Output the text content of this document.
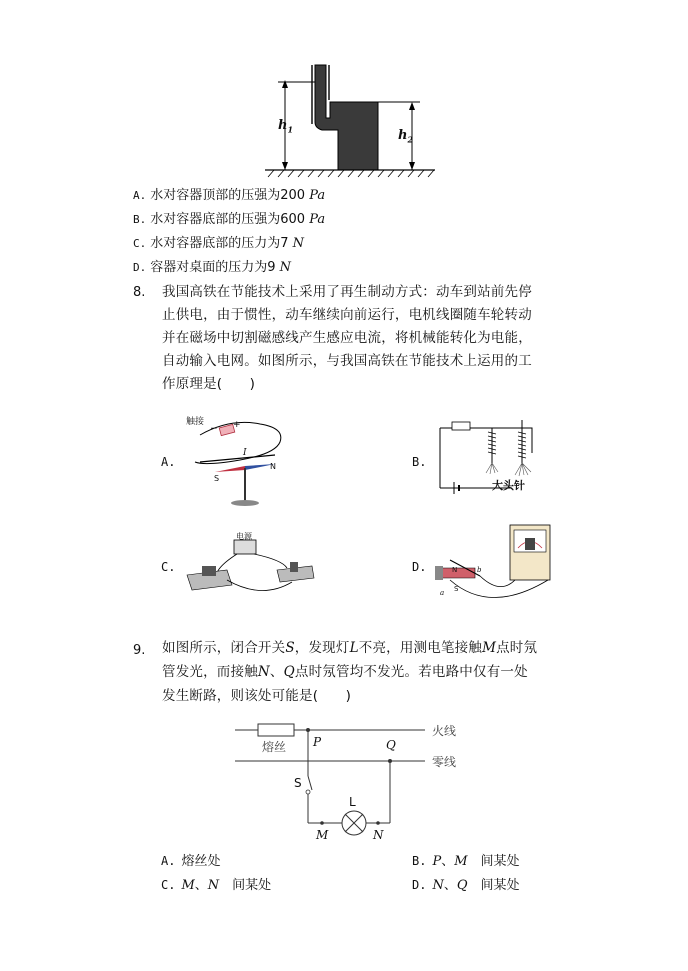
$h_1$	$h_2$
A. 水对容器顶部的压强为200 Pa
B. 水对容器底部的压强为600 Pa
C. 水对容器底部的压力为7 N
D. 容器对桌面的压力为9 N
8. 我国高铁在节能技术上采用了再生制动方式：动车到站前先停
止供电，由于惯性，动车继续向前运行，电机线圈随车轮转动
并在磁场中切割磁感线产生感应电流，将机械能转化为电能，
自动输入电网。如图所示，与我国高铁在节能技术上运用的工
作原理是(　　)
A.	B.
C.	D.
触接
− +
I
S
N
大头针
电源
N
S
a
b
9. 如图所示，闭合开关S，发现灯L不亮，用测电笔接触M点时氖
管发光，而接触N、Q点时氖管均不发光。若电路中仅有一处
发生断路，则该处可能是(　　)
火线
零线
熔丝 P	Q
S
L
M	N
A. 熔丝处	B. P、M　间某处
C. M、N　间某处	D. N、Q　间某处
